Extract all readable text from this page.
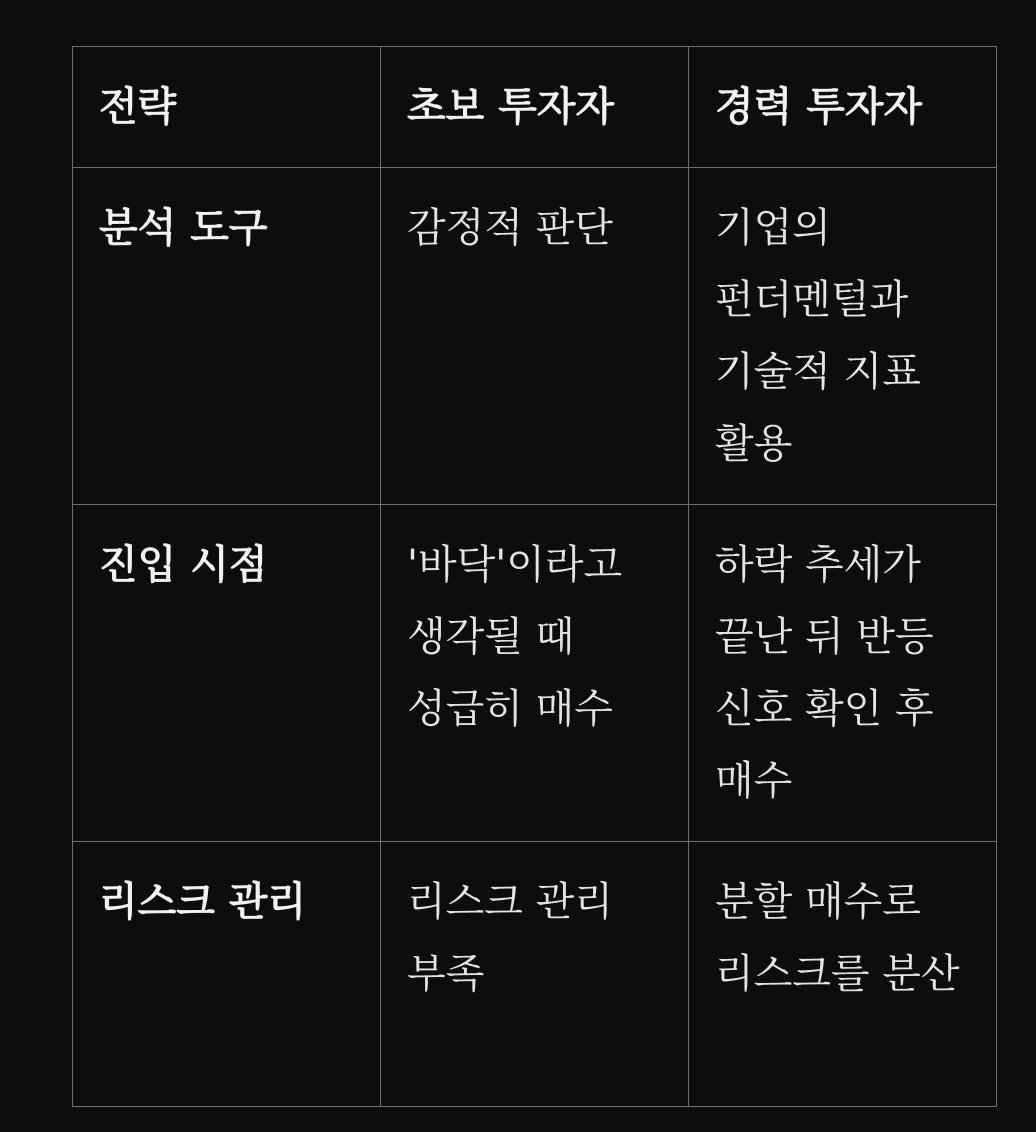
전략	초보 투자자	경력 투자자
분석 도구	감정적 판단	기업의 펀더멘털과 기술적 지표 활용
진입 시점	'바닥'이라고 생각될 때 성급히 매수	하락 추세가 끝난 뒤 반등 신호 확인 후 매수
리스크 관리	리스크 관리 부족	분할 매수로 리스크를 분산
